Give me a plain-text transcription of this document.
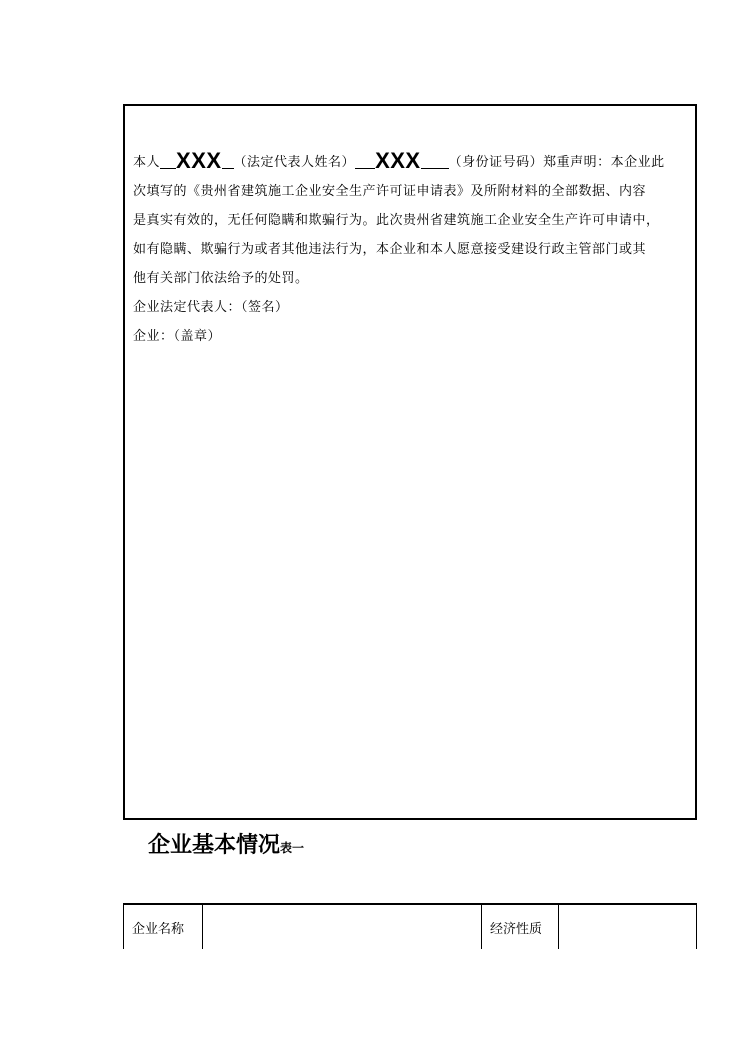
本人 XXX （法定代表人姓名） XXX （身份证号码）郑重声明：本企业此
次填写的《贵州省建筑施工企业安全生产许可证申请表》及所附材料的全部数据、内容
是真实有效的，无任何隐瞒和欺骗行为。此次贵州省建筑施工企业安全生产许可申请中，
如有隐瞒、欺骗行为或者其他违法行为，本企业和本人愿意接受建设行政主管部门或其
他有关部门依法给予的处罚。
企业法定代表人：（签名）
企业：（盖章）
企业基本情况表一
企业名称		经济性质	
